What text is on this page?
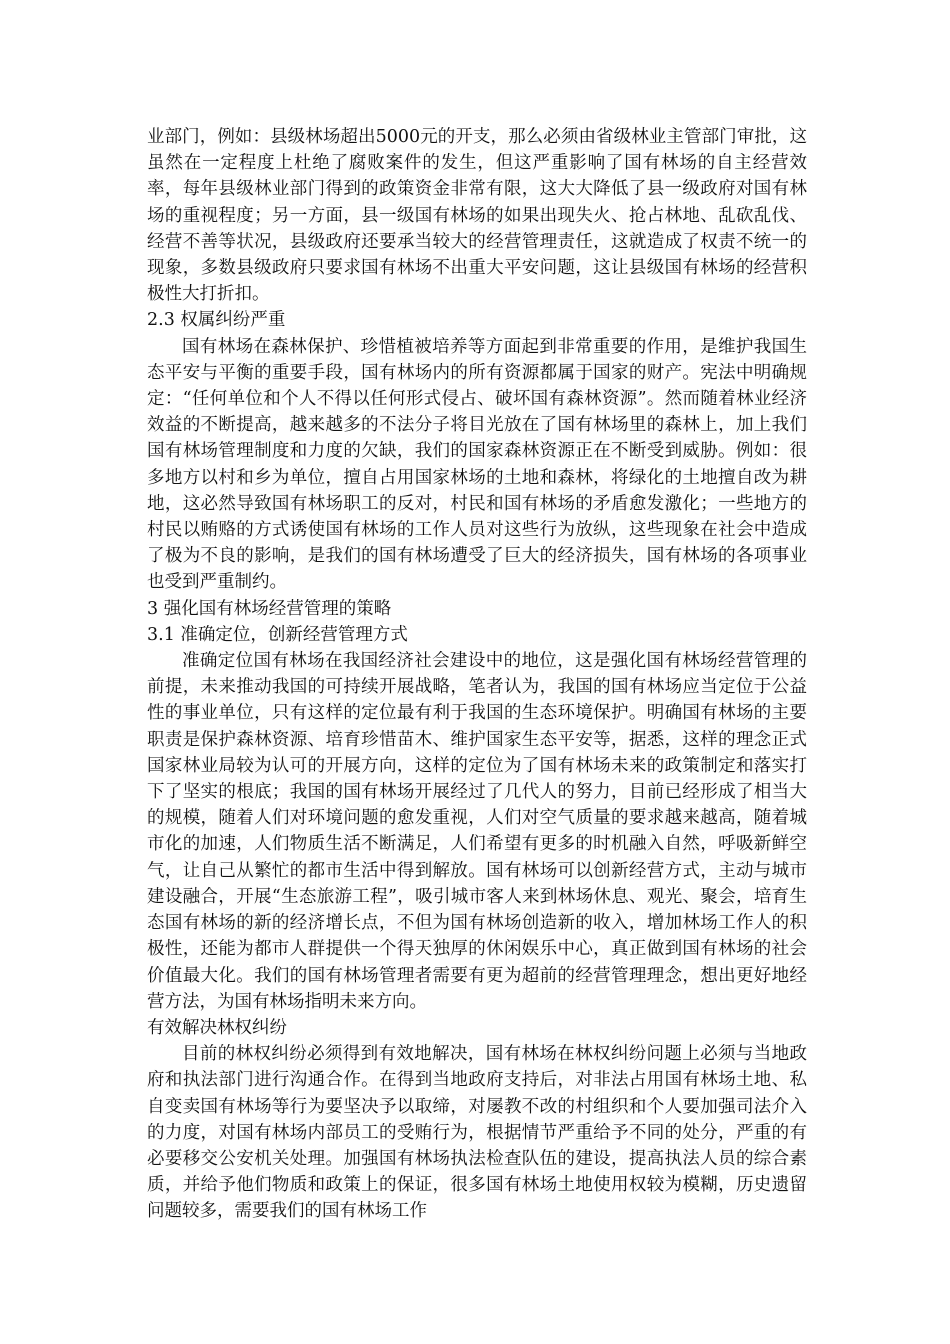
业部门，例如：县级林场超出5000元的开支，那么必须由省级林业主管部门审批，这虽然在一定程度上杜绝了腐败案件的发生，但这严重影响了国有林场的自主经营效率，每年县级林业部门得到的政策资金非常有限，这大大降低了县一级政府对国有林场的重视程度；另一方面，县一级国有林场的如果出现失火、抢占林地、乱砍乱伐、经营不善等状况，县级政府还要承当较大的经营管理责任，这就造成了权责不统一的现象，多数县级政府只要求国有林场不出重大平安问题，这让县级国有林场的经营积极性大打折扣。

2.3 权属纠纷严重

国有林场在森林保护、珍惜植被培养等方面起到非常重要的作用，是维护我国生态平安与平衡的重要手段，国有林场内的所有资源都属于国家的财产。宪法中明确规定：“任何单位和个人不得以任何形式侵占、破坏国有森林资源”。然而随着林业经济效益的不断提高，越来越多的不法分子将目光放在了国有林场里的森林上，加上我们国有林场管理制度和力度的欠缺，我们的国家森林资源正在不断受到威胁。例如：很多地方以村和乡为单位，擅自占用国家林场的土地和森林，将绿化的土地擅自改为耕地，这必然导致国有林场职工的反对，村民和国有林场的矛盾愈发激化；一些地方的村民以贿赂的方式诱使国有林场的工作人员对这些行为放纵，这些现象在社会中造成了极为不良的影响，是我们的国有林场遭受了巨大的经济损失，国有林场的各项事业也受到严重制约。

3 强化国有林场经营管理的策略
3.1 准确定位，创新经营管理方式

准确定位国有林场在我国经济社会建设中的地位，这是强化国有林场经营管理的前提，未来推动我国的可持续开展战略，笔者认为，我国的国有林场应当定位于公益性的事业单位，只有这样的定位最有利于我国的生态环境保护。明确国有林场的主要职责是保护森林资源、培育珍惜苗木、维护国家生态平安等，据悉，这样的理念正式国家林业局较为认可的开展方向，这样的定位为了国有林场未来的政策制定和落实打下了坚实的根底；我国的国有林场开展经过了几代人的努力，目前已经形成了相当大的规模，随着人们对环境问题的愈发重视，人们对空气质量的要求越来越高，随着城市化的加速，人们物质生活不断满足，人们希望有更多的时机融入自然，呼吸新鲜空气，让自己从繁忙的都市生活中得到解放。国有林场可以创新经营方式，主动与城市建设融合，开展“生态旅游工程”，吸引城市客人来到林场休息、观光、聚会，培育生态国有林场的新的经济增长点，不但为国有林场创造新的收入，增加林场工作人的积极性，还能为都市人群提供一个得天独厚的休闲娱乐中心，真正做到国有林场的社会价值最大化。我们的国有林场管理者需要有更为超前的经营管理理念，想出更好地经营方法，为国有林场指明未来方向。

有效解决林权纠纷

目前的林权纠纷必须得到有效地解决，国有林场在林权纠纷问题上必须与当地政府和执法部门进行沟通合作。在得到当地政府支持后，对非法占用国有林场土地、私自变卖国有林场等行为要坚决予以取缔，对屡教不改的村组织和个人要加强司法介入的力度，对国有林场内部员工的受贿行为，根据情节严重给予不同的处分，严重的有必要移交公安机关处理。加强国有林场执法检查队伍的建设，提高执法人员的综合素质，并给予他们物质和政策上的保证，很多国有林场土地使用权较为模糊，历史遗留问题较多，需要我们的国有林场工作
